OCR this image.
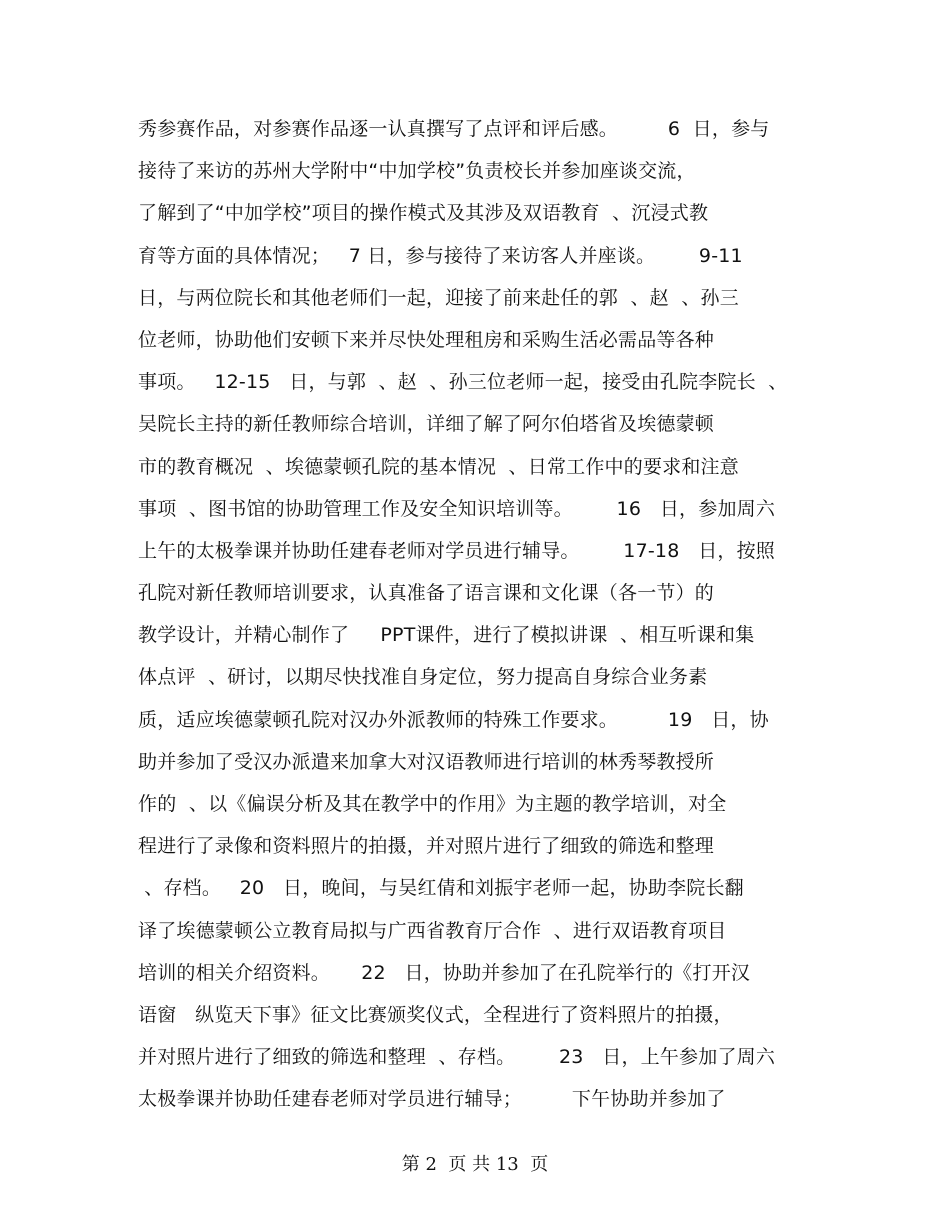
秀参赛作品，对参赛作品逐一认真撰写了点评和评后感。        6  日，参与
接待了来访的苏州大学附中“中加学校”负责校长并参加座谈交流，
了解到了“中加学校”项目的操作模式及其涉及双语教育  、沉浸式教
育等方面的具体情况；   7 日，参与接待了来访客人并座谈。       9-11
日，与两位院长和其他老师们一起，迎接了前来赴任的郭  、赵  、孙三
位老师，协助他们安顿下来并尽快处理租房和采购生活必需品等各种
事项。   12-15   日，与郭  、赵  、孙三位老师一起，接受由孔院李院长  、
吴院长主持的新任教师综合培训，详细了解了阿尔伯塔省及埃德蒙顿
市的教育概况  、埃德蒙顿孔院的基本情况  、日常工作中的要求和注意
事项  、图书馆的协助管理工作及安全知识培训等。       16   日，参加周六
上午的太极拳课并协助任建春老师对学员进行辅导。       17-18   日，按照
孔院对新任教师培训要求，认真准备了语言课和文化课（各一节）的
教学设计，并精心制作了     PPT课件，进行了模拟讲课  、相互听课和集
体点评  、研讨，以期尽快找准自身定位，努力提高自身综合业务素
质，适应埃德蒙顿孔院对汉办外派教师的特殊工作要求。        19   日，协
助并参加了受汉办派遣来加拿大对汉语教师进行培训的林秀琴教授所
作的  、以《偏误分析及其在教学中的作用》为主题的教学培训，对全
程进行了录像和资料照片的拍摄，并对照片进行了细致的筛选和整理
、存档。   20   日，晚间，与吴红倩和刘振宇老师一起，协助李院长翻
译了埃德蒙顿公立教育局拟与广西省教育厅合作  、进行双语教育项目
培训的相关介绍资料。     22   日，协助并参加了在孔院举行的《打开汉
语窗   纵览天下事》征文比赛颁奖仪式，全程进行了资料照片的拍摄，
并对照片进行了细致的筛选和整理  、存档。       23   日，上午参加了周六
太极拳课并协助任建春老师对学员进行辅导；        下午协助并参加了
第 2  页 共 13  页
